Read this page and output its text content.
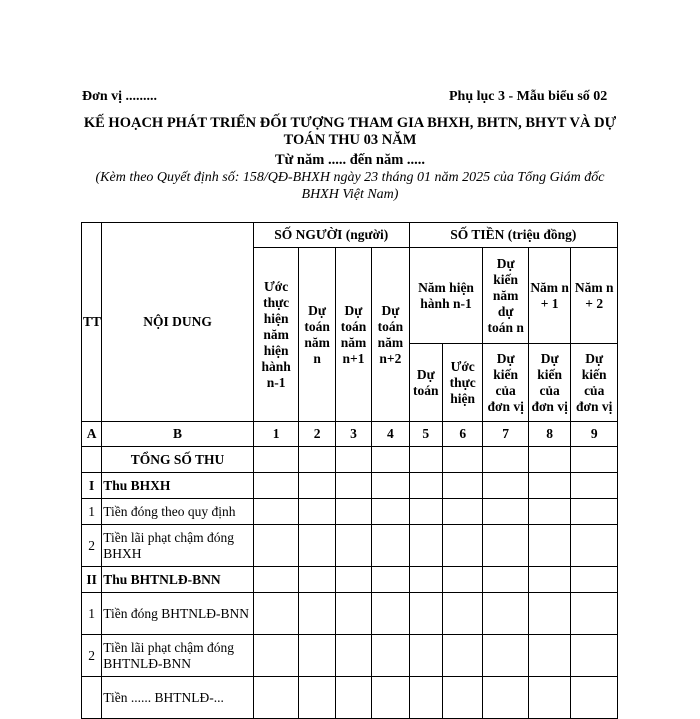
Đơn vị .........	Phụ lục 3 - Mẫu biểu số 02
KẾ HOẠCH PHÁT TRIỂN ĐỐI TƯỢNG THAM GIA BHXH, BHTN, BHYT VÀ DỰ TOÁN THU 03 NĂM
Từ năm ..... đến năm .....
(Kèm theo Quyết định số: 158/QĐ-BHXH ngày 23 tháng 01 năm 2025 của Tổng Giám đốc BHXH Việt Nam)
TT	NỘI DUNG	SỐ NGƯỜI (người)				SỐ TIỀN (triệu đồng)				
		Ước thực hiện năm hiện hành n-1	Dự toán năm n	Dự toán năm n+1	Dự toán năm n+2	Năm hiện hành n-1		Dự kiến năm dự toán n	Năm n + 1	Năm n + 2
						Dự toán	Ước thực hiện	Dự kiến của đơn vị	Dự kiến của đơn vị	Dự kiến của đơn vị
A	B	1	2	3	4	5	6	7	8	9
	TỔNG SỐ THU									
I	Thu BHXH									
1	Tiền đóng theo quy định									
2	Tiền lãi phạt chậm đóng BHXH									
II	Thu BHTNLĐ-BNN									
1	Tiền đóng BHTNLĐ-BNN									
2	Tiền lãi phạt chậm đóng BHTNLĐ-BNN									
	Tiền ...... BHTNLĐ-...									
